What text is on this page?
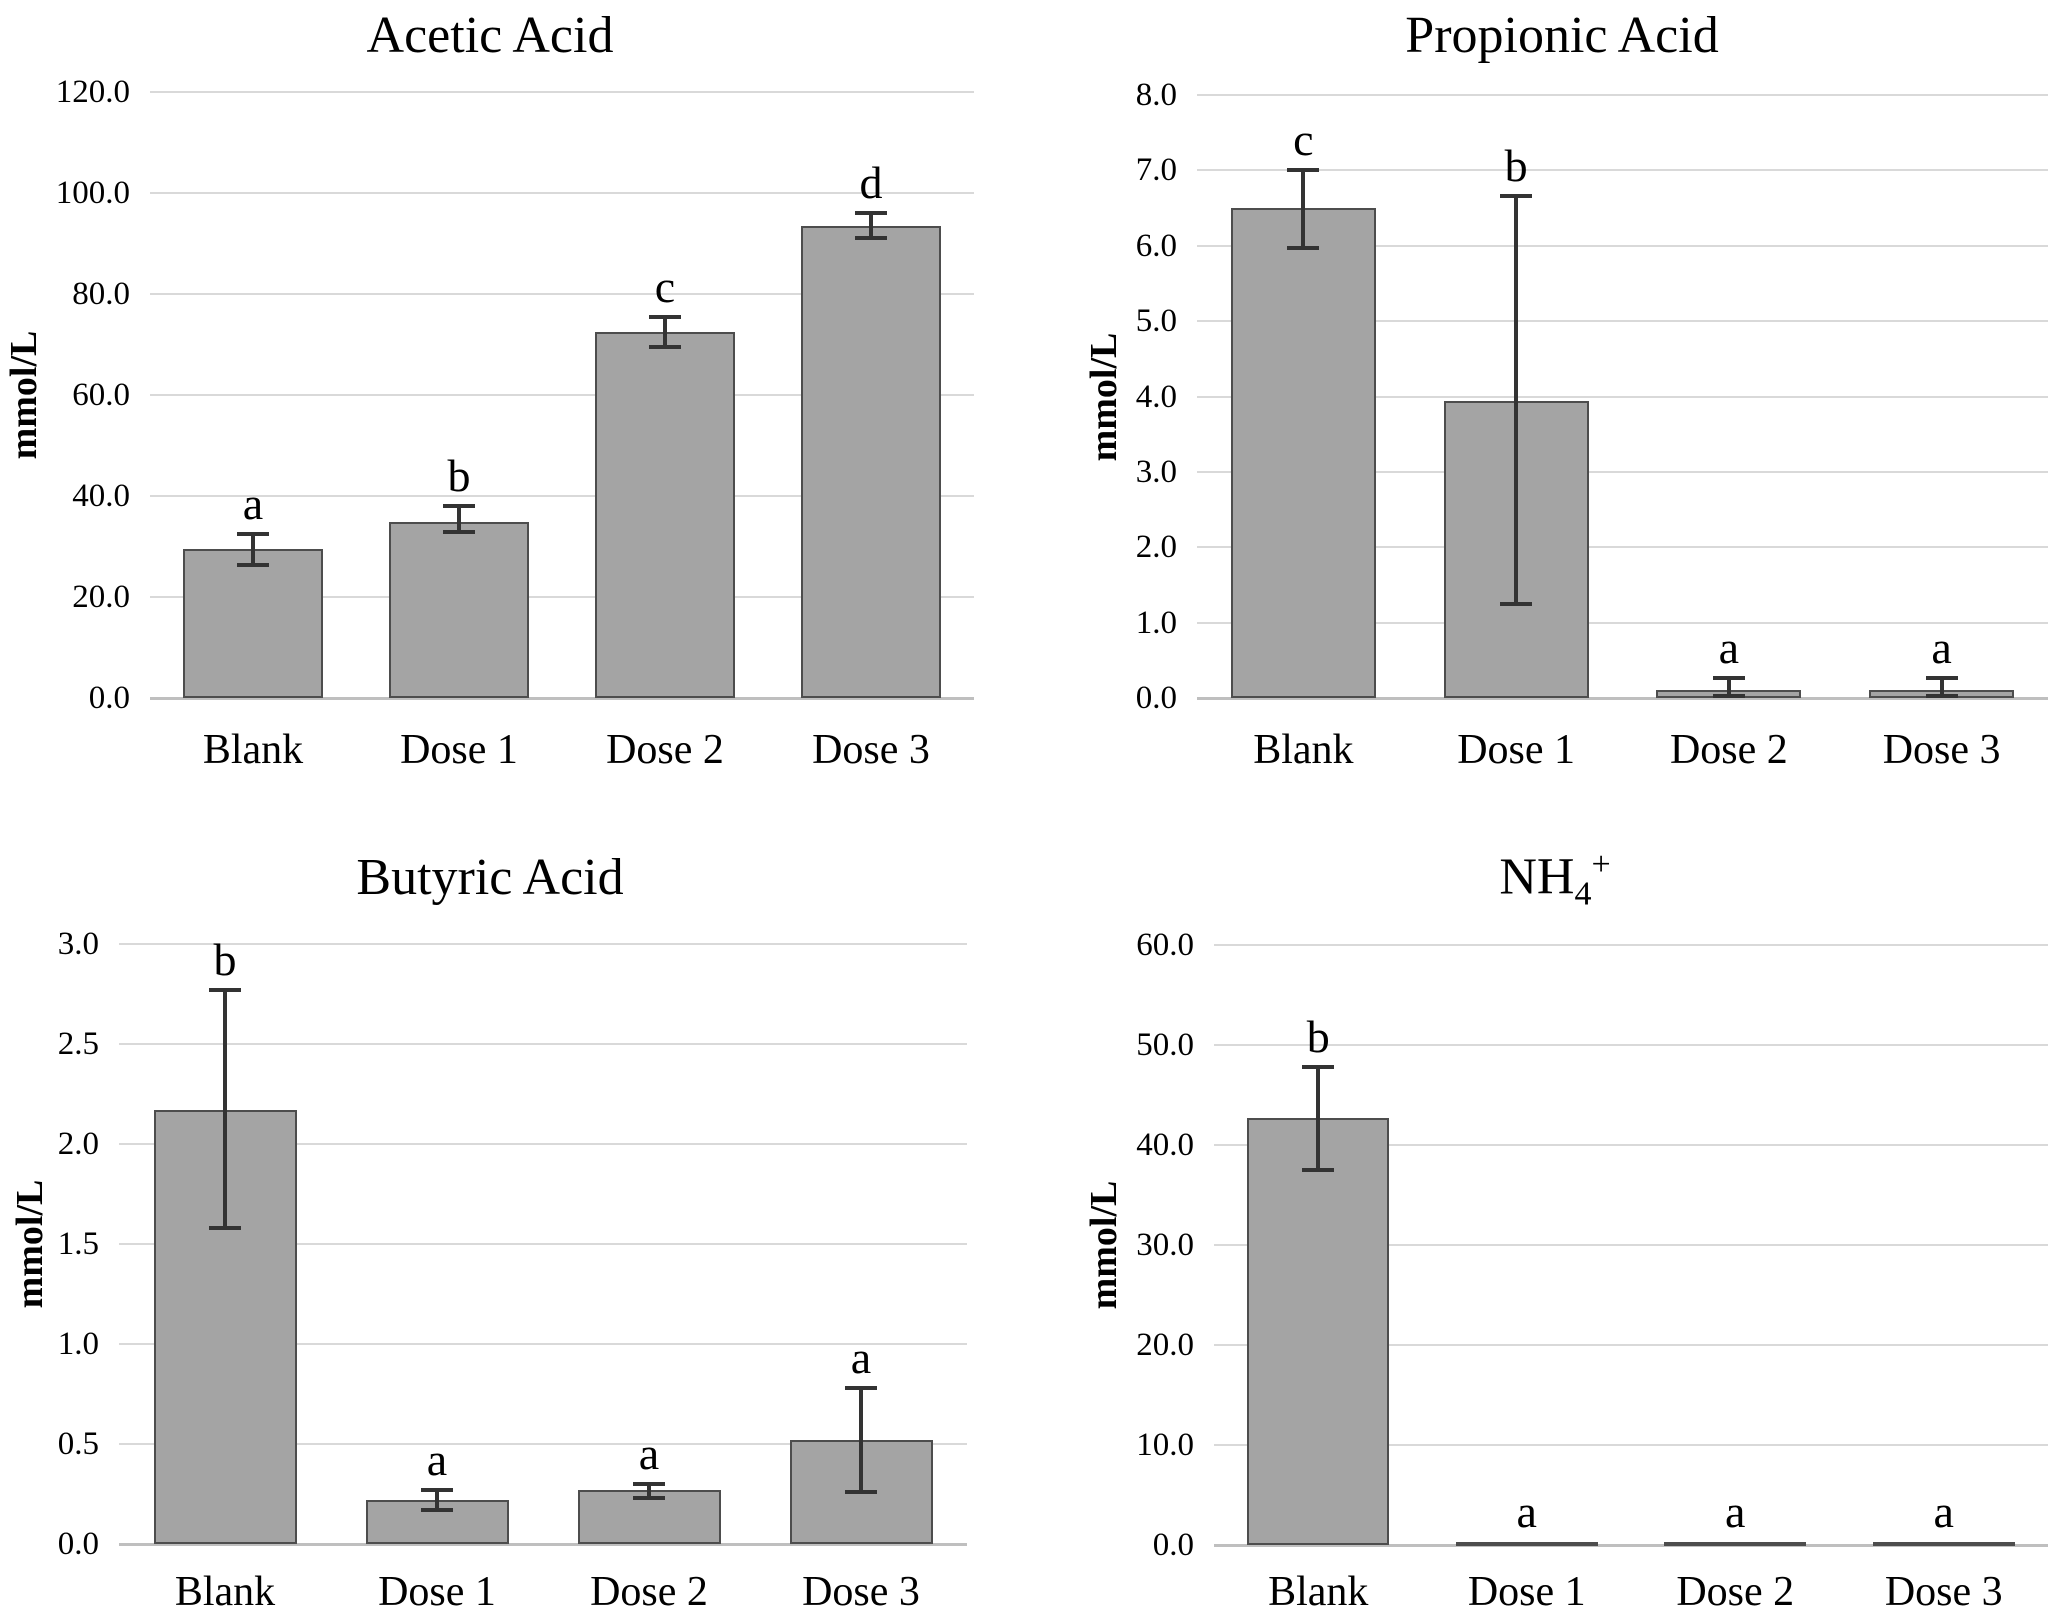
Acetic Acid
mmol/L
0.0
20.0
40.0
60.0
80.0
100.0
120.0
a
Blank
b
Dose 1
c
Dose 2
d
Dose 3
Propionic Acid
mmol/L
0.0
1.0
2.0
3.0
4.0
5.0
6.0
7.0
8.0
c
Blank
b
Dose 1
a
Dose 2
a
Dose 3
Butyric Acid
mmol/L
0.0
0.5
1.0
1.5
2.0
2.5
3.0	b
Blank
a
Dose 1
a
Dose 2
a
Dose 3
$NH_4^+$
mmol/L
0.0
10.0
20.0
30.0
40.0
50.0
60.0
b
Blank
a
Dose 1
a
Dose 2
a
Dose 3
